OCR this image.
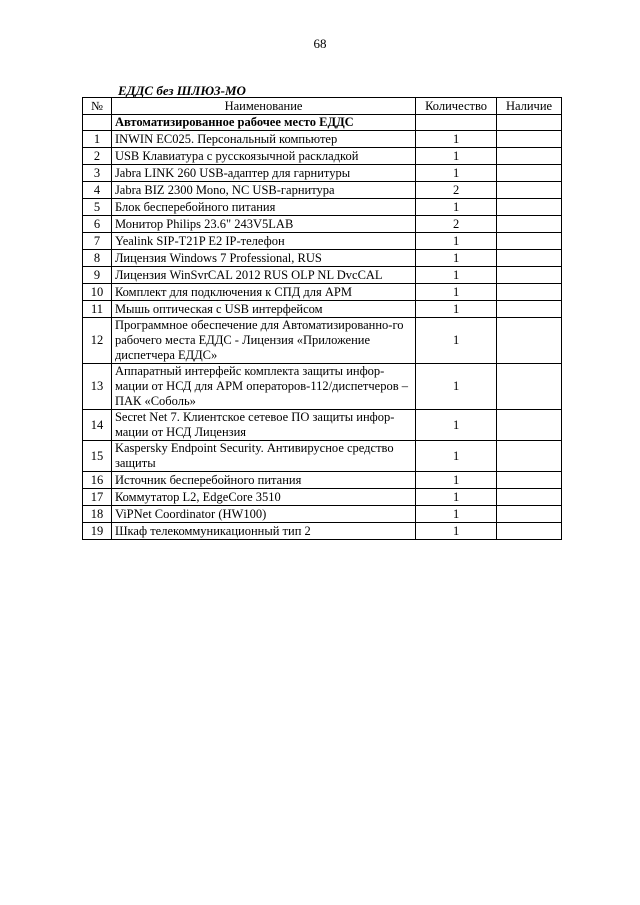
68
ЕДДС без ШЛЮЗ-МО
№	Наименование	Количество	Наличие
	Автоматизированное рабочее место ЕДДС		
1	INWIN EC025. Персональный компьютер	1	
2	USB Клавиатура с русскоязычной раскладкой	1	
3	Jabra LINK 260 USB-адаптер для гарнитуры	1	
4	Jabra BIZ 2300 Mono, NC USB-гарнитура	2	
5	Блок бесперебойного питания	1	
6	Монитор Philips 23.6" 243V5LAB	2	
7	Yealink SIP-T21P E2 IP-телефон	1	
8	Лицензия Windows 7 Professional, RUS	1	
9	Лицензия WinSvrCAL 2012 RUS OLP NL DvcCAL	1	
10	Комплект для подключения к СПД для АРМ	1	
11	Мышь оптическая с USB интерфейсом	1	
12	Программное обеспечение для Автоматизированно-го рабочего места ЕДДС - Лицензия «Приложение диспетчера ЕДДС»	1	
13	Аппаратный интерфейс комплекта защиты инфор-мации от НСД для АРМ операторов-112/диспетчеров – ПАК «Соболь»	1	
14	Secret Net 7. Клиентское сетевое ПО защиты инфор-мации от НСД Лицензия	1	
15	Kaspersky Endpoint Security. Антивирусное средство защиты	1	
16	Источник бесперебойного питания	1	
17	Коммутатор L2, EdgeCore 3510	1	
18	ViPNet Coordinator (HW100)	1	
19	Шкаф телекоммуникационный тип 2	1	
